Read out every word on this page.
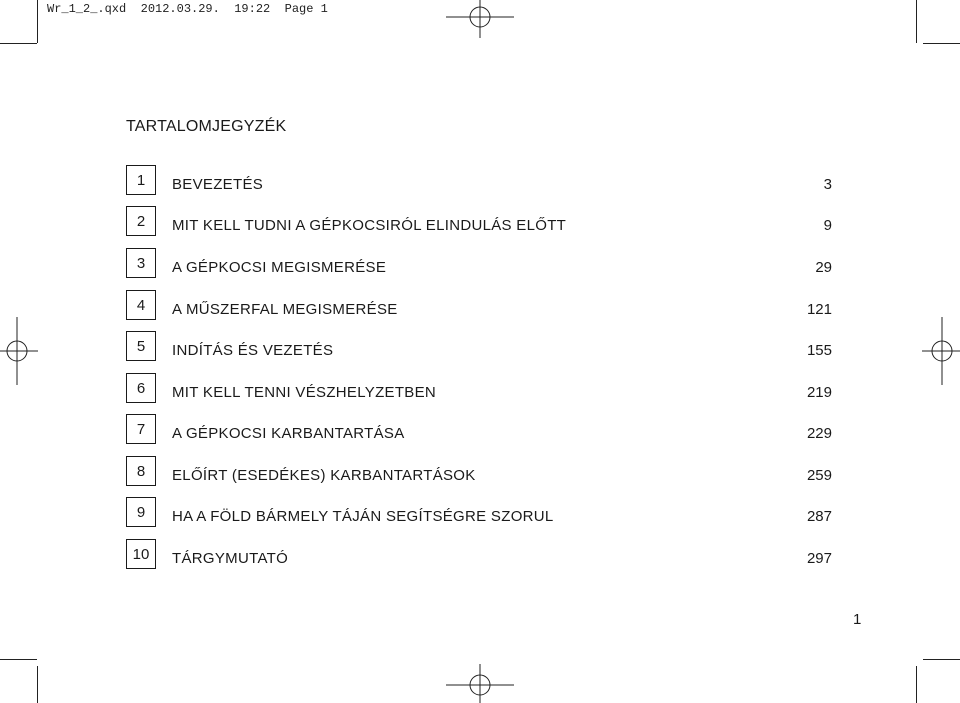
Wr_1_2_.qxd  2012.03.29.  19:22  Page 1
TARTALOMJEGYZÉK
1	BEVEZETÉS	3
2	MIT KELL TUDNI A GÉPKOCSIRÓL ELINDULÁS ELŐTT	9
3	A GÉPKOCSI MEGISMERÉSE	29
4	A MŰSZERFAL MEGISMERÉSE	121
5	INDÍTÁS ÉS VEZETÉS	155
6	MIT KELL TENNI VÉSZHELYZETBEN	219
7	A GÉPKOCSI KARBANTARTÁSA	229
8	ELŐÍRT (ESEDÉKES) KARBANTARTÁSOK	259
9	HA A FÖLD BÁRMELY TÁJÁN SEGÍTSÉGRE SZORUL	287
10	TÁRGYMUTATÓ	297
1
